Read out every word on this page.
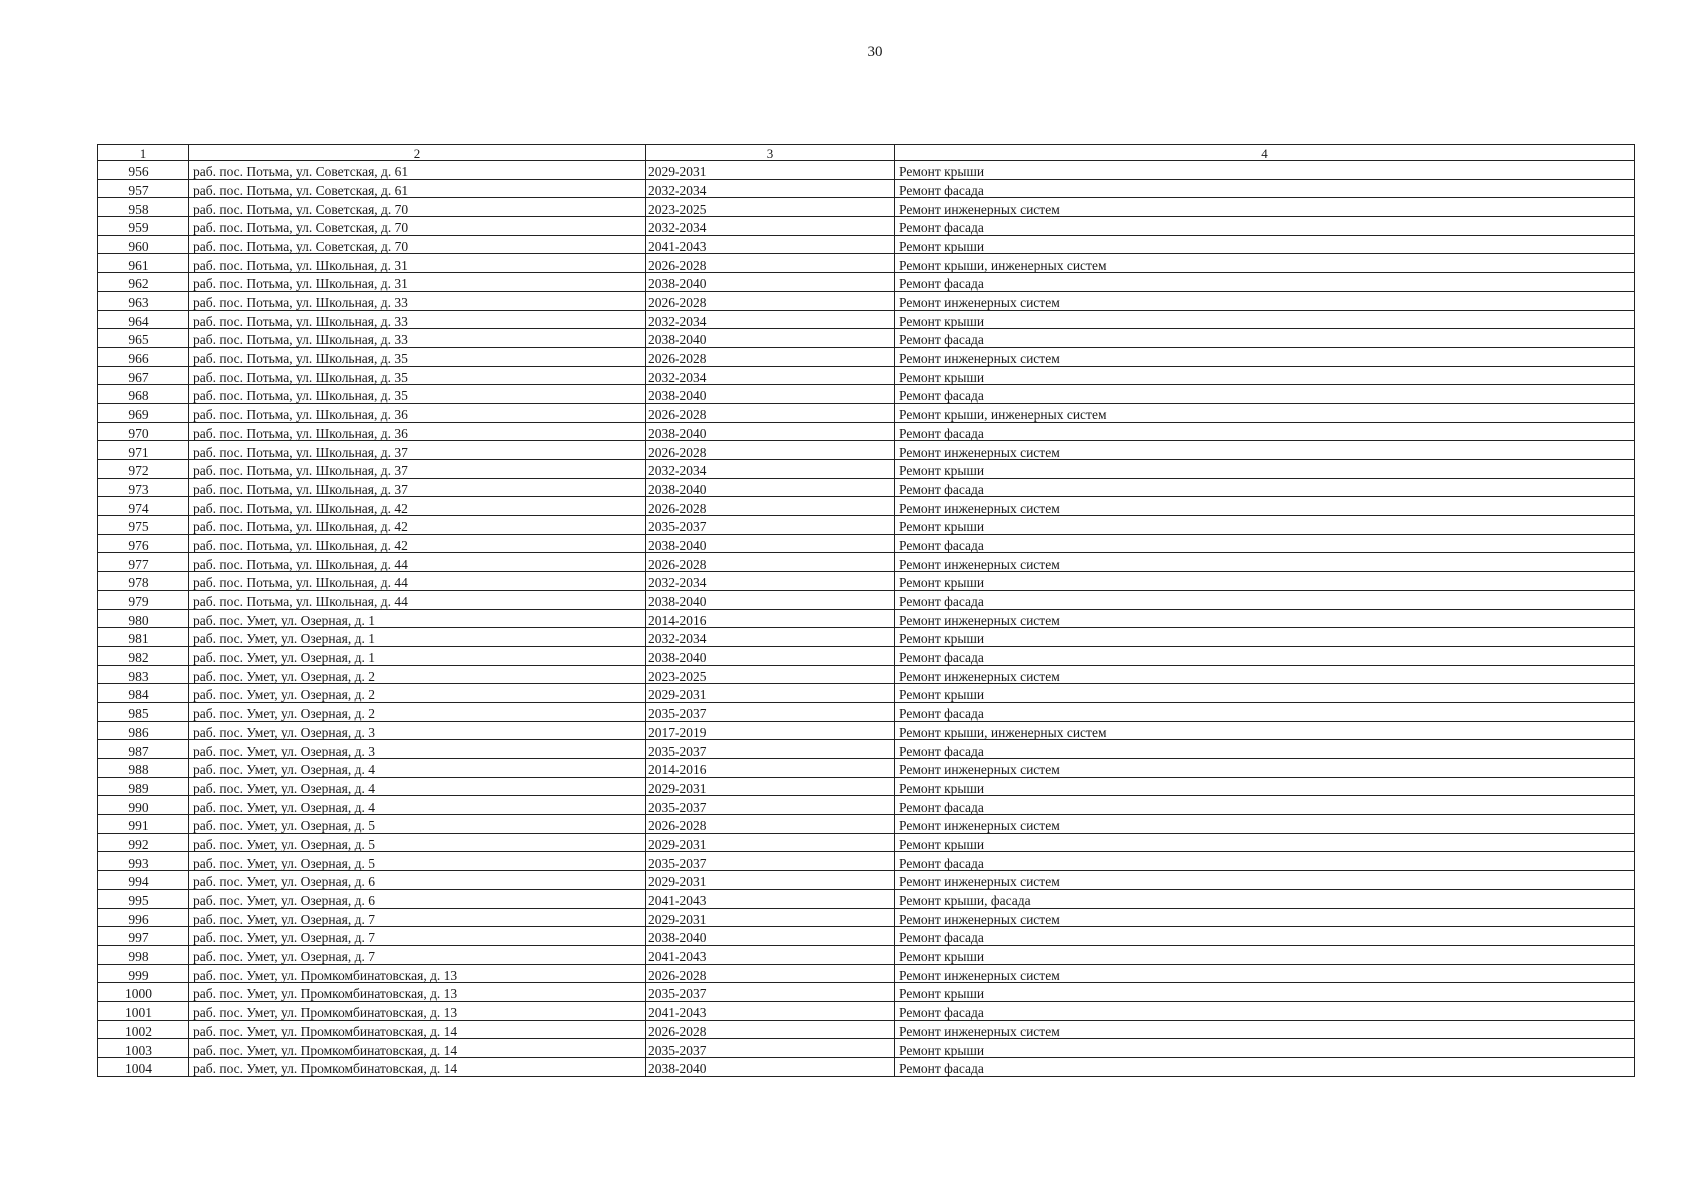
30
1	2	3	4
956	раб. пос. Потьма, ул. Советская, д. 61	2029-2031	Ремонт крыши
957	раб. пос. Потьма, ул. Советская, д. 61	2032-2034	Ремонт фасада
958	раб. пос. Потьма, ул. Советская, д. 70	2023-2025	Ремонт инженерных систем
959	раб. пос. Потьма, ул. Советская, д. 70	2032-2034	Ремонт фасада
960	раб. пос. Потьма, ул. Советская, д. 70	2041-2043	Ремонт крыши
961	раб. пос. Потьма, ул. Школьная, д. 31	2026-2028	Ремонт крыши, инженерных систем
962	раб. пос. Потьма, ул. Школьная, д. 31	2038-2040	Ремонт фасада
963	раб. пос. Потьма, ул. Школьная, д. 33	2026-2028	Ремонт инженерных систем
964	раб. пос. Потьма, ул. Школьная, д. 33	2032-2034	Ремонт крыши
965	раб. пос. Потьма, ул. Школьная, д. 33	2038-2040	Ремонт фасада
966	раб. пос. Потьма, ул. Школьная, д. 35	2026-2028	Ремонт инженерных систем
967	раб. пос. Потьма, ул. Школьная, д. 35	2032-2034	Ремонт крыши
968	раб. пос. Потьма, ул. Школьная, д. 35	2038-2040	Ремонт фасада
969	раб. пос. Потьма, ул. Школьная, д. 36	2026-2028	Ремонт крыши, инженерных систем
970	раб. пос. Потьма, ул. Школьная, д. 36	2038-2040	Ремонт фасада
971	раб. пос. Потьма, ул. Школьная, д. 37	2026-2028	Ремонт инженерных систем
972	раб. пос. Потьма, ул. Школьная, д. 37	2032-2034	Ремонт крыши
973	раб. пос. Потьма, ул. Школьная, д. 37	2038-2040	Ремонт фасада
974	раб. пос. Потьма, ул. Школьная, д. 42	2026-2028	Ремонт инженерных систем
975	раб. пос. Потьма, ул. Школьная, д. 42	2035-2037	Ремонт крыши
976	раб. пос. Потьма, ул. Школьная, д. 42	2038-2040	Ремонт фасада
977	раб. пос. Потьма, ул. Школьная, д. 44	2026-2028	Ремонт инженерных систем
978	раб. пос. Потьма, ул. Школьная, д. 44	2032-2034	Ремонт крыши
979	раб. пос. Потьма, ул. Школьная, д. 44	2038-2040	Ремонт фасада
980	раб. пос. Умет, ул. Озерная, д. 1	2014-2016	Ремонт инженерных систем
981	раб. пос. Умет, ул. Озерная, д. 1	2032-2034	Ремонт крыши
982	раб. пос. Умет, ул. Озерная, д. 1	2038-2040	Ремонт фасада
983	раб. пос. Умет, ул. Озерная, д. 2	2023-2025	Ремонт инженерных систем
984	раб. пос. Умет, ул. Озерная, д. 2	2029-2031	Ремонт крыши
985	раб. пос. Умет, ул. Озерная, д. 2	2035-2037	Ремонт фасада
986	раб. пос. Умет, ул. Озерная, д. 3	2017-2019	Ремонт крыши, инженерных систем
987	раб. пос. Умет, ул. Озерная, д. 3	2035-2037	Ремонт фасада
988	раб. пос. Умет, ул. Озерная, д. 4	2014-2016	Ремонт инженерных систем
989	раб. пос. Умет, ул. Озерная, д. 4	2029-2031	Ремонт крыши
990	раб. пос. Умет, ул. Озерная, д. 4	2035-2037	Ремонт фасада
991	раб. пос. Умет, ул. Озерная, д. 5	2026-2028	Ремонт инженерных систем
992	раб. пос. Умет, ул. Озерная, д. 5	2029-2031	Ремонт крыши
993	раб. пос. Умет, ул. Озерная, д. 5	2035-2037	Ремонт фасада
994	раб. пос. Умет, ул. Озерная, д. 6	2029-2031	Ремонт инженерных систем
995	раб. пос. Умет, ул. Озерная, д. 6	2041-2043	Ремонт крыши, фасада
996	раб. пос. Умет, ул. Озерная, д. 7	2029-2031	Ремонт инженерных систем
997	раб. пос. Умет, ул. Озерная, д. 7	2038-2040	Ремонт фасада
998	раб. пос. Умет, ул. Озерная, д. 7	2041-2043	Ремонт крыши
999	раб. пос. Умет, ул. Промкомбинатовская, д. 13	2026-2028	Ремонт инженерных систем
1000	раб. пос. Умет, ул. Промкомбинатовская, д. 13	2035-2037	Ремонт крыши
1001	раб. пос. Умет, ул. Промкомбинатовская, д. 13	2041-2043	Ремонт фасада
1002	раб. пос. Умет, ул. Промкомбинатовская, д. 14	2026-2028	Ремонт инженерных систем
1003	раб. пос. Умет, ул. Промкомбинатовская, д. 14	2035-2037	Ремонт крыши
1004	раб. пос. Умет, ул. Промкомбинатовская, д. 14	2038-2040	Ремонт фасада
